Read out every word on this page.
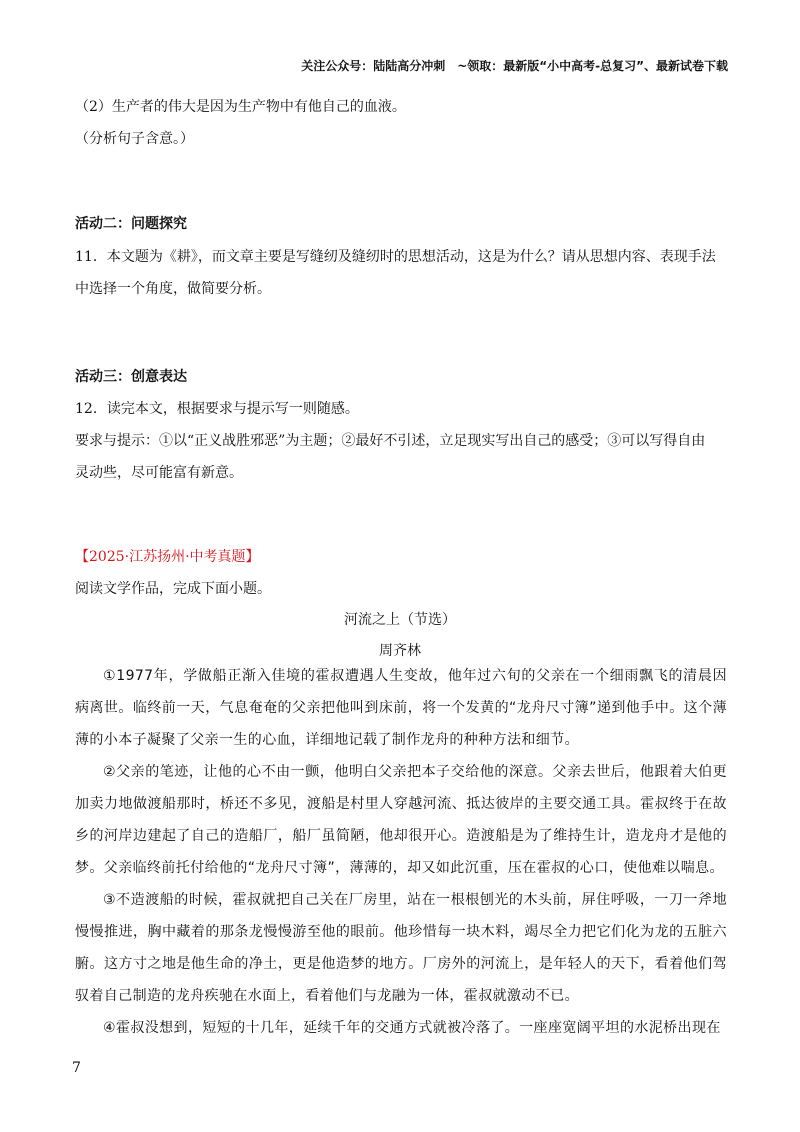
关注公众号：陆陆高分冲刺　~领取：最新版“小中高考-总复习”、最新试卷下载
（2）生产者的伟大是因为生产物中有他自己的血液。
（分析句子含意。）
活动二：问题探究
11．本文题为《耕》，而文章主要是写缝纫及缝纫时的思想活动，这是为什么？请从思想内容、表现手法
中选择一个角度，做简要分析。
活动三：创意表达
12．读完本文，根据要求与提示写一则随感。
要求与提示：①以“正义战胜邪恶”为主题；②最好不引述，立足现实写出自己的感受；③可以写得自由
灵动些，尽可能富有新意。
【2025·江苏扬州·中考真题】
阅读文学作品，完成下面小题。
河流之上（节选）
周齐林

①1977年，学做船正渐入佳境的霍叔遭遇人生变故，他年过六旬的父亲在一个细雨飘飞的清晨因病离世。临终前一天，气息奄奄的父亲把他叫到床前，将一个发黄的“龙舟尺寸簿”递到他手中。这个薄薄的小本子凝聚了父亲一生的心血，详细地记载了制作龙舟的种种方法和细节。

②父亲的笔迹，让他的心不由一颤，他明白父亲把本子交给他的深意。父亲去世后，他跟着大伯更加卖力地做渡船那时，桥还不多见，渡船是村里人穿越河流、抵达彼岸的主要交通工具。霍叔终于在故乡的河岸边建起了自己的造船厂，船厂虽简陋，他却很开心。造渡船是为了维持生计，造龙舟才是他的梦。父亲临终前托付给他的“龙舟尺寸簿”，薄薄的，却又如此沉重，压在霍叔的心口，使他难以喘息。

③不造渡船的时候，霍叔就把自己关在厂房里，站在一根根刨光的木头前，屏住呼吸，一刀一斧地慢慢推进，胸中藏着的那条龙慢慢游至他的眼前。他珍惜每一块木料，竭尽全力把它们化为龙的五脏六腑。这方寸之地是他生命的净土，更是他造梦的地方。厂房外的河流上，是年轻人的天下，看着他们驾驭着自己制造的龙舟疾驰在水面上，看着他们与龙融为一体，霍叔就激动不已。

④霍叔没想到，短短的十几年，延续千年的交通方式就被冷落了。一座座宽阔平坦的水泥桥出现在

7
